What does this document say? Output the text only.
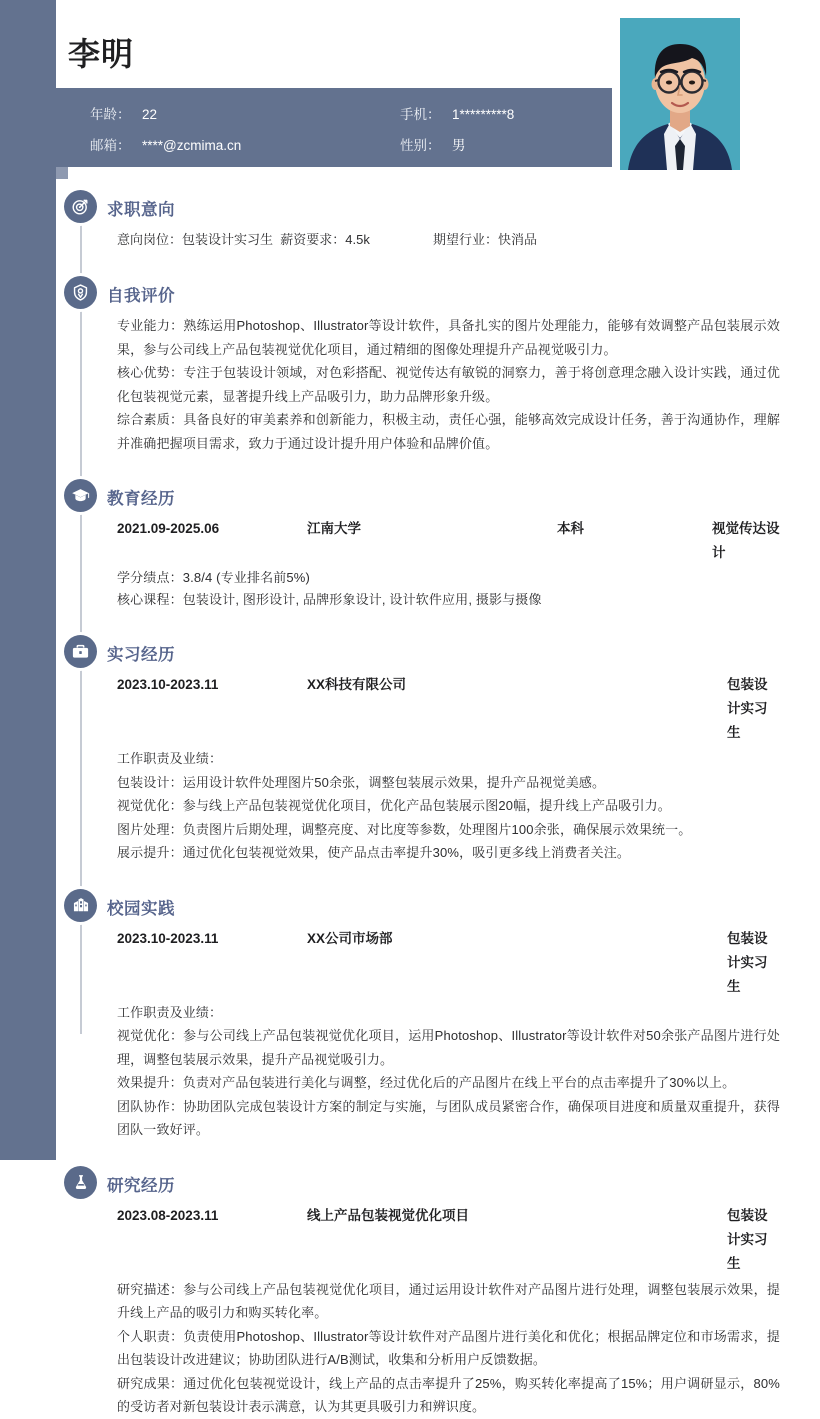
李明
年龄： 22	手机： 1*********8
邮箱： ****@zcmima.cn	性别： 男
求职意向
意向岗位：包装设计实习生 薪资要求：4.5k	期望行业：快消品
自我评价
专业能力：熟练运用Photoshop、Illustrator等设计软件，具备扎实的图片处理能力，能够有效调整产品包装展示效果，参与公司线上产品包装视觉优化项目，通过精细的图像处理提升产品视觉吸引力。
核心优势：专注于包装设计领域，对色彩搭配、视觉传达有敏锐的洞察力，善于将创意理念融入设计实践，通过优化包装视觉元素，显著提升线上产品吸引力，助力品牌形象升级。
综合素质：具备良好的审美素养和创新能力，积极主动，责任心强，能够高效完成设计任务，善于沟通协作，理解并准确把握项目需求，致力于通过设计提升用户体验和品牌价值。
教育经历
2021.09-2025.06	江南大学	本科	视觉传达设计
学分绩点：3.8/4 (专业排名前5%)
核心课程：包装设计, 图形设计, 品牌形象设计, 设计软件应用, 摄影与摄像
实习经历
2023.10-2023.11	XX科技有限公司	包装设计实习生
工作职责及业绩：
包装设计：运用设计软件处理图片50余张，调整包装展示效果，提升产品视觉美感。
视觉优化：参与线上产品包装视觉优化项目，优化产品包装展示图20幅，提升线上产品吸引力。
图片处理：负责图片后期处理，调整亮度、对比度等参数，处理图片100余张，确保展示效果统一。
展示提升：通过优化包装视觉效果，使产品点击率提升30%，吸引更多线上消费者关注。
校园实践
2023.10-2023.11	XX公司市场部	包装设计实习生
工作职责及业绩：
视觉优化：参与公司线上产品包装视觉优化项目，运用Photoshop、Illustrator等设计软件对50余张产品图片进行处理，调整包装展示效果，提升产品视觉吸引力。
效果提升：负责对产品包装进行美化与调整，经过优化后的产品图片在线上平台的点击率提升了30%以上。
团队协作：协助团队完成包装设计方案的制定与实施，与团队成员紧密合作，确保项目进度和质量双重提升，获得团队一致好评。
研究经历
2023.08-2023.11	线上产品包装视觉优化项目	包装设计实习生
研究描述：参与公司线上产品包装视觉优化项目，通过运用设计软件对产品图片进行处理，调整包装展示效果，提升线上产品的吸引力和购买转化率。
个人职责：负责使用Photoshop、Illustrator等设计软件对产品图片进行美化和优化；根据品牌定位和市场需求，提出包装设计改进建议；协助团队进行A/B测试，收集和分析用户反馈数据。
研究成果：通过优化包装视觉设计，线上产品的点击率提升了25%，购买转化率提高了15%；用户调研显示，80%的受访者对新包装设计表示满意，认为其更具吸引力和辨识度。
